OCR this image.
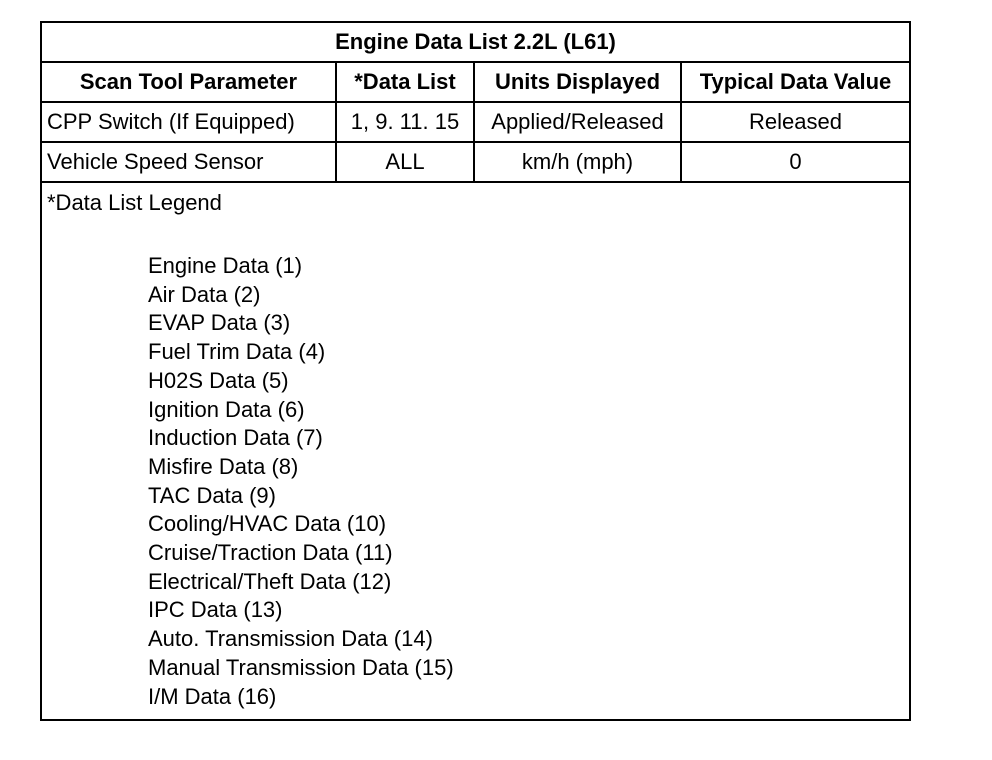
Engine Data List 2.2L (L61)
Scan Tool Parameter	*Data List	Units Displayed	Typical Data Value
CPP Switch (If Equipped)	1, 9. 11. 15	Applied/Released	Released
Vehicle Speed Sensor	ALL	km/h (mph)	0
*Data List Legend
Engine Data (1)
Air Data (2)
EVAP Data (3)
Fuel Trim Data (4)
H02S Data (5)
Ignition Data (6)
Induction Data (7)
Misfire Data (8)
TAC Data (9)
Cooling/HVAC Data (10)
Cruise/Traction Data (11)
Electrical/Theft Data (12)
IPC Data (13)
Auto. Transmission Data (14)
Manual Transmission Data (15)
I/M Data (16)
